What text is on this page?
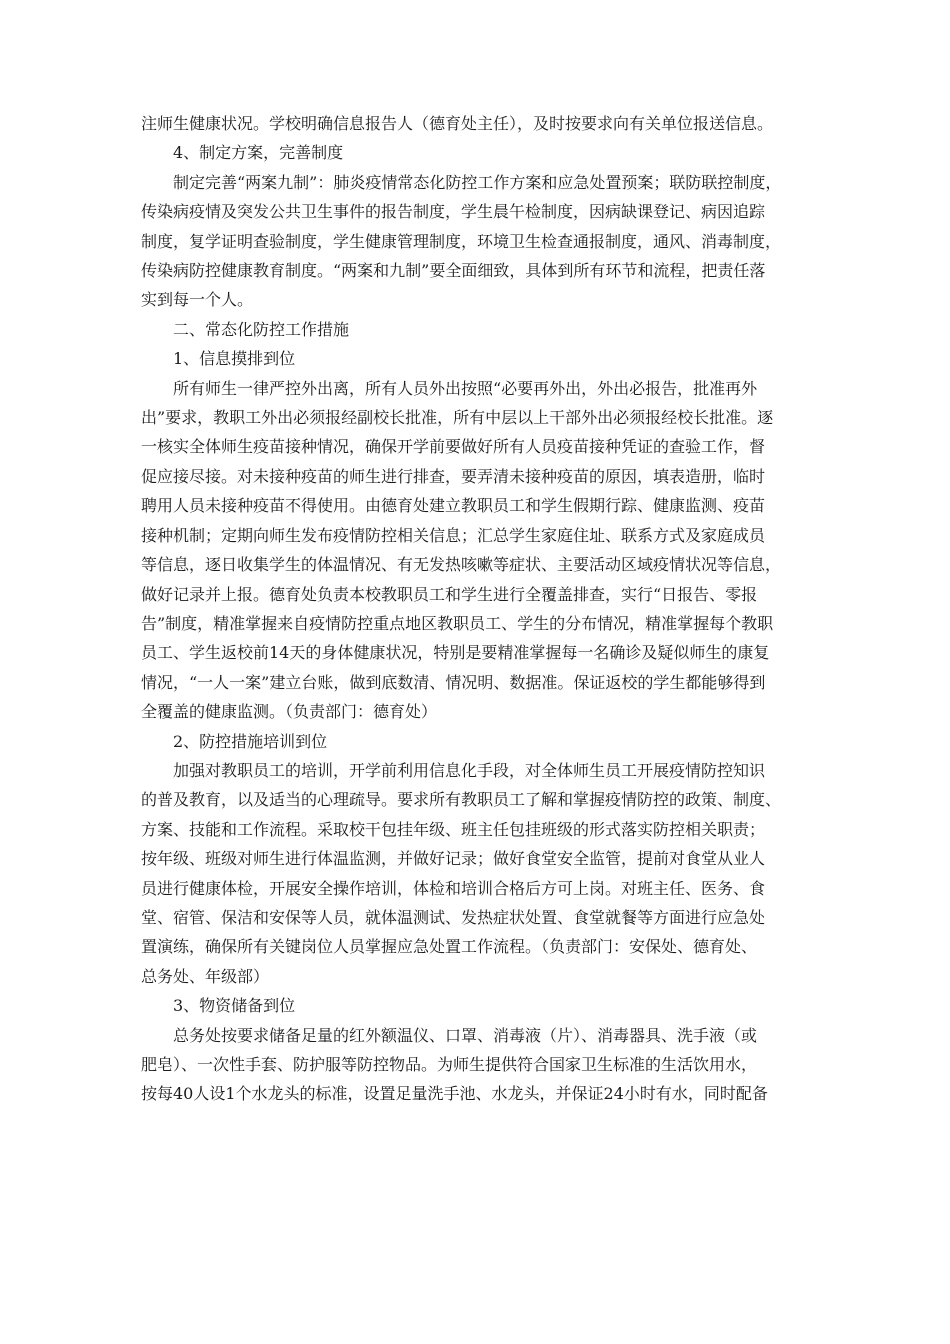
注师生健康状况。学校明确信息报告人（德育处主任），及时按要求向有关单位报送信息。

4、制定方案，完善制度

制定完善“两案九制”：肺炎疫情常态化防控工作方案和应急处置预案；联防联控制度，
传染病疫情及突发公共卫生事件的报告制度，学生晨午检制度，因病缺课登记、病因追踪
制度，复学证明查验制度，学生健康管理制度，环境卫生检查通报制度，通风、消毒制度，
传染病防控健康教育制度。“两案和九制”要全面细致，具体到所有环节和流程，把责任落
实到每一个人。

二、常态化防控工作措施

1、信息摸排到位

所有师生一律严控外出离，所有人员外出按照“必要再外出，外出必报告，批准再外
出”要求，教职工外出必须报经副校长批准，所有中层以上干部外出必须报经校长批准。逐
一核实全体师生疫苗接种情况，确保开学前要做好所有人员疫苗接种凭证的查验工作，督
促应接尽接。对未接种疫苗的师生进行排查，要弄清未接种疫苗的原因，填表造册，临时
聘用人员未接种疫苗不得使用。由德育处建立教职员工和学生假期行踪、健康监测、疫苗
接种机制；定期向师生发布疫情防控相关信息；汇总学生家庭住址、联系方式及家庭成员
等信息，逐日收集学生的体温情况、有无发热咳嗽等症状、主要活动区域疫情状况等信息，
做好记录并上报。德育处负责本校教职员工和学生进行全覆盖排查，实行“日报告、零报
告”制度，精准掌握来自疫情防控重点地区教职员工、学生的分布情况，精准掌握每个教职
员工、学生返校前14天的身体健康状况，特别是要精准掌握每一名确诊及疑似师生的康复
情况，“一人一案”建立台账，做到底数清、情况明、数据准。保证返校的学生都能够得到
全覆盖的健康监测。（负责部门：德育处）

2、防控措施培训到位

加强对教职员工的培训，开学前利用信息化手段，对全体师生员工开展疫情防控知识
的普及教育，以及适当的心理疏导。要求所有教职员工了解和掌握疫情防控的政策、制度、
方案、技能和工作流程。采取校干包挂年级、班主任包挂班级的形式落实防控相关职责；
按年级、班级对师生进行体温监测，并做好记录；做好食堂安全监管，提前对食堂从业人
员进行健康体检，开展安全操作培训，体检和培训合格后方可上岗。对班主任、医务、食
堂、宿管、保洁和安保等人员，就体温测试、发热症状处置、食堂就餐等方面进行应急处
置演练，确保所有关键岗位人员掌握应急处置工作流程。（负责部门：安保处、德育处、
总务处、年级部）

3、物资储备到位

总务处按要求储备足量的红外额温仪、口罩、消毒液（片）、消毒器具、洗手液（或
肥皂）、一次性手套、防护服等防控物品。为师生提供符合国家卫生标准的生活饮用水，
按每40人设1个水龙头的标准，设置足量洗手池、水龙头，并保证24小时有水，同时配备
